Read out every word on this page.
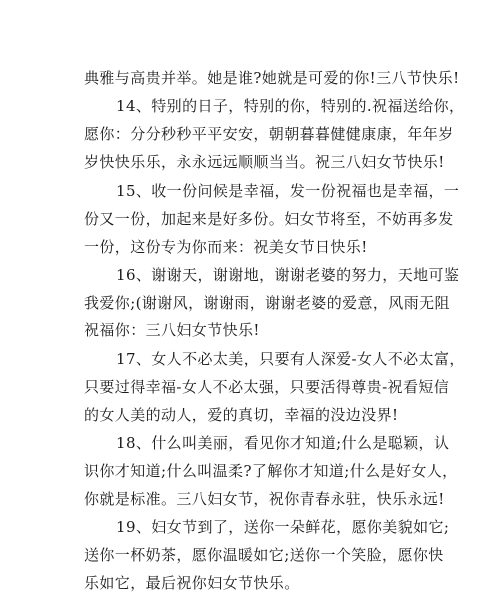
典雅与高贵并举。她是谁?她就是可爱的你!三八节快乐!
14、特别的日子，特别的你，特别的.祝福送给你，
愿你：分分秒秒平平安安，朝朝暮暮健健康康，年年岁
岁快快乐乐，永永远远顺顺当当。祝三八妇女节快乐!
15、收一份问候是幸福，发一份祝福也是幸福，一
份又一份，加起来是好多份。妇女节将至，不妨再多发
一份，这份专为你而来：祝美女节日快乐!
16、谢谢天，谢谢地，谢谢老婆的努力，天地可鉴
我爱你;(谢谢风，谢谢雨，谢谢老婆的爱意，风雨无阻
祝福你：三八妇女节快乐!
17、女人不必太美，只要有人深爱-女人不必太富，
只要过得幸福-女人不必太强，只要活得尊贵-祝看短信
的女人美的动人，爱的真切，幸福的没边没界!
18、什么叫美丽，看见你才知道;什么是聪颖，认
识你才知道;什么叫温柔?了解你才知道;什么是好女人，
你就是标准。三八妇女节，祝你青春永驻，快乐永远!
19、妇女节到了，送你一朵鲜花，愿你美貌如它;
送你一杯奶茶，愿你温暖如它;送你一个笑脸，愿你快
乐如它，最后祝你妇女节快乐。
